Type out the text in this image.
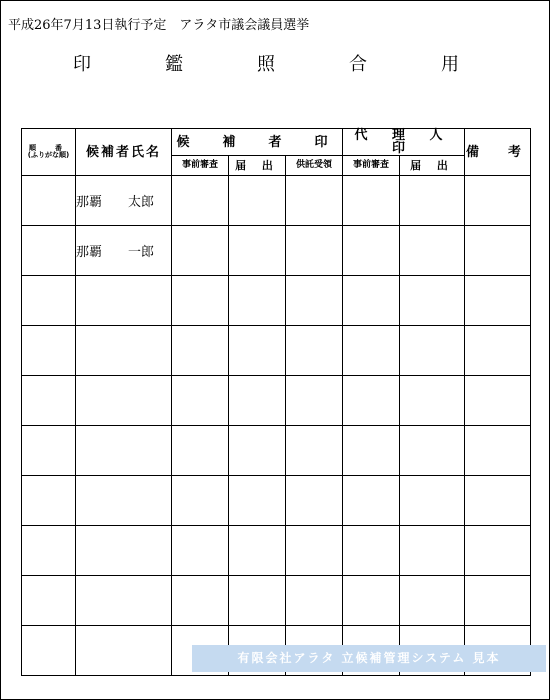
平成26年7月13日執行予定　アラタ市議会議員選挙
印　鑑　照　合　用
順　番
(ふりがな順)	候補者氏名	候　補　者　印			代 理 人 印		備　考
		事前審査	届 出	供託受領	事前審査	届 出	
	那覇　　太郎						
	那覇　　一郎						

有限会社アラタ 立候補管理システム 見本
